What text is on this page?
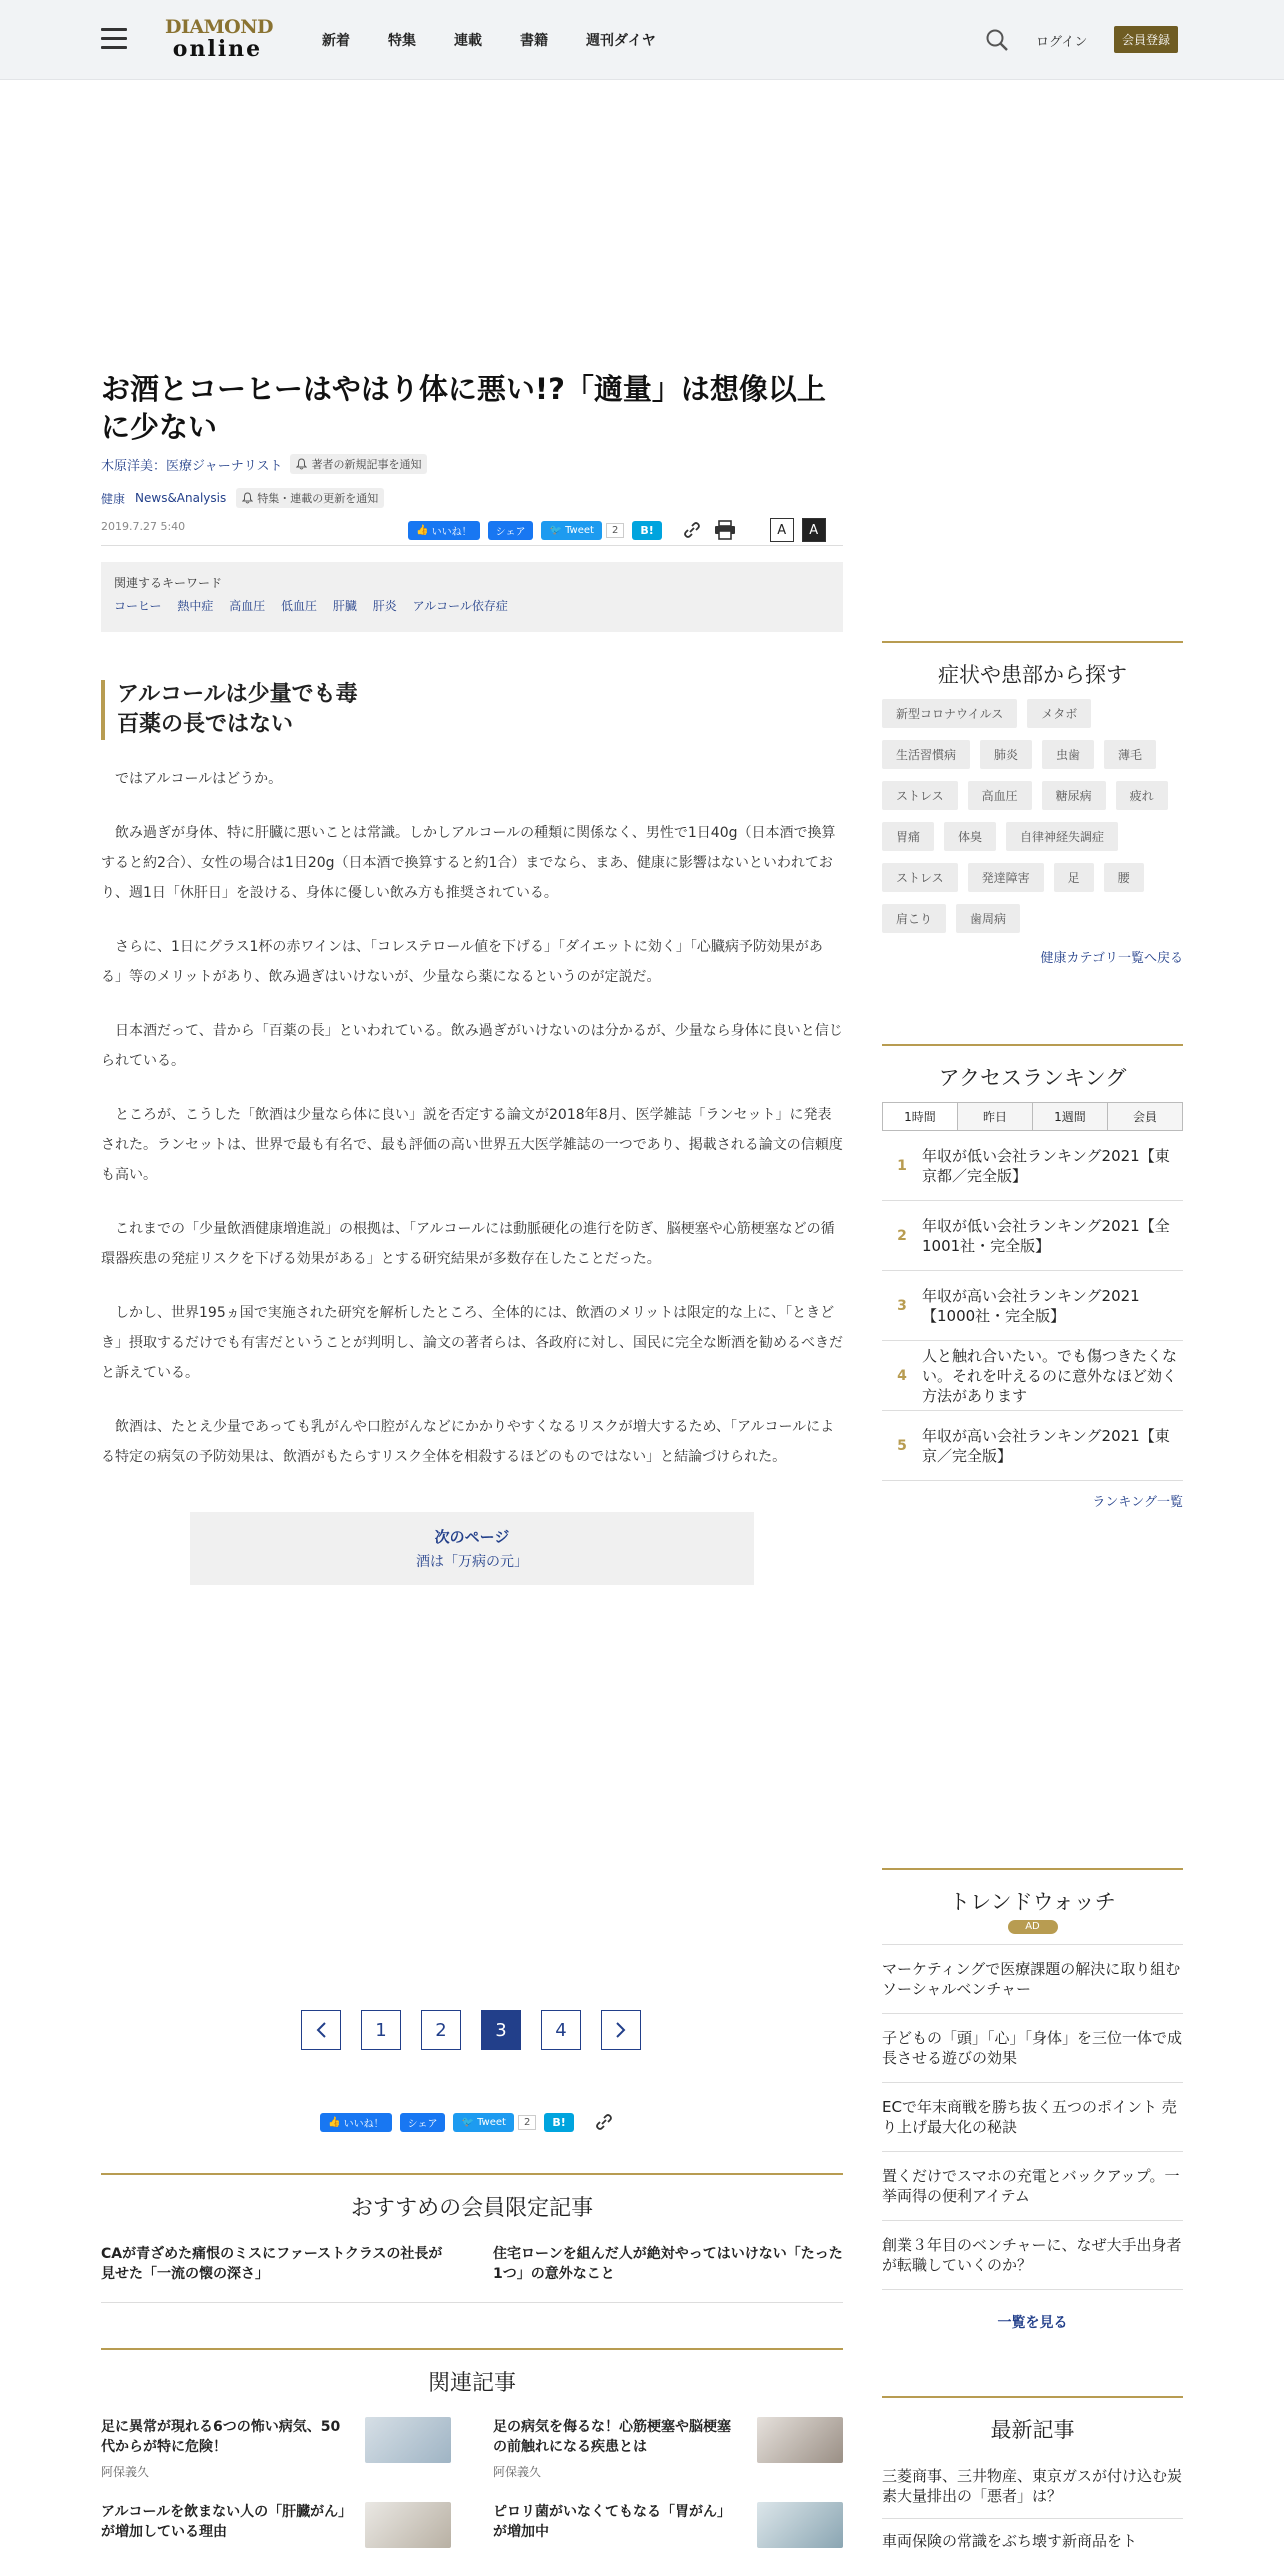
DIAMOND
online	新着	特集	連載	書籍	週刊ダイヤ	ログイン	会員登録
お酒とコーヒーはやはり体に悪い!?「適量」は想像以上に少ない
木原洋美：医療ジャーナリスト	著者の新規記事を通知
健康 News&Analysis	特集・連載の更新を通知
2019.7.27 5:40	👍 いいね！	シェア	🐦 Tweet	2	B!	A	A
関連するキーワード
コーヒー 熱中症 高血圧 低血圧 肝臓 肝炎 アルコール依存症
アルコールは少量でも毒
百薬の長ではない

ではアルコールはどうか。

飲み過ぎが身体、特に肝臓に悪いことは常識。しかしアルコールの種類に関係なく、男性で1日40g（日本酒で換算すると約2合）、女性の場合は1日20g（日本酒で換算すると約1合）までなら、まあ、健康に影響はないといわれており、週1日「休肝日」を設ける、身体に優しい飲み方も推奨されている。

さらに、1日にグラス1杯の赤ワインは、「コレステロール値を下げる」「ダイエットに効く」「心臓病予防効果がある」等のメリットがあり、飲み過ぎはいけないが、少量なら薬になるというのが定説だ。

日本酒だって、昔から「百薬の長」といわれている。飲み過ぎがいけないのは分かるが、少量なら身体に良いと信じられている。

ところが、こうした「飲酒は少量なら体に良い」説を否定する論文が2018年8月、医学雑誌「ランセット」に発表された。ランセットは、世界で最も有名で、最も評価の高い世界五大医学雑誌の一つであり、掲載される論文の信頼度も高い。

これまでの「少量飲酒健康増進説」の根拠は、「アルコールには動脈硬化の進行を防ぎ、脳梗塞や心筋梗塞などの循環器疾患の発症リスクを下げる効果がある」とする研究結果が多数存在したことだった。

しかし、世界195ヵ国で実施された研究を解析したところ、全体的には、飲酒のメリットは限定的な上に、「ときどき」摂取するだけでも有害だということが判明し、論文の著者らは、各政府に対し、国民に完全な断酒を勧めるべきだと訴えている。

飲酒は、たとえ少量であっても乳がんや口腔がんなどにかかりやすくなるリスクが増大するため、「アルコールによる特定の病気の予防効果は、飲酒がもたらすリスク全体を相殺するほどのものではない」と結論づけられた。

次のページ
酒は「万病の元」
1	2	3	4
👍 いいね！	シェア	🐦 Tweet	2	B!
おすすめの会員限定記事
CAが青ざめた痛恨のミスにファーストクラスの社長が見せた「一流の懐の深さ」
住宅ローンを組んだ人が絶対やってはいけない「たった1つ」の意外なこと
関連記事
足に異常が現れる6つの怖い病気、50代からが特に危険！
阿保義久
足の病気を侮るな！心筋梗塞や脳梗塞の前触れになる疾患とは
阿保義久
アルコールを飲まない人の「肝臓がん」が増加している理由
ピロリ菌がいなくてもなる「胃がん」が増加中
症状や患部から探す
新型コロナウイルス	メタボ
生活習慣病	肺炎	虫歯	薄毛
ストレス	高血圧	糖尿病	疲れ
胃痛	体臭	自律神経失調症
ストレス	発達障害	足	腰
肩こり	歯周病
健康カテゴリ一覧へ戻る
アクセスランキング
1時間	昨日	1週間	会員
1
年収が低い会社ランキング2021【東京都／完全版】
2
年収が低い会社ランキング2021【全1001社・完全版】
3
年収が高い会社ランキング2021【1000社・完全版】
4
人と触れ合いたい。でも傷つきたくない。それを叶えるのに意外なほど効く方法があります
5
年収が高い会社ランキング2021【東京／完全版】
ランキング一覧
トレンドウォッチ
AD
マーケティングで医療課題の解決に取り組むソーシャルベンチャー
子どもの「頭」「心」「身体」を三位一体で成長させる遊びの効果
ECで年末商戦を勝ち抜く五つのポイント 売り上げ最大化の秘訣
置くだけでスマホの充電とバックアップ。一挙両得の便利アイテム
創業３年目のベンチャーに、なぜ大手出身者が転職していくのか？
一覧を見る
最新記事
三菱商事、三井物産、東京ガスが付け込む炭素大量排出の「悪者」は？
車両保険の常識をぶち壊す新商品をト
